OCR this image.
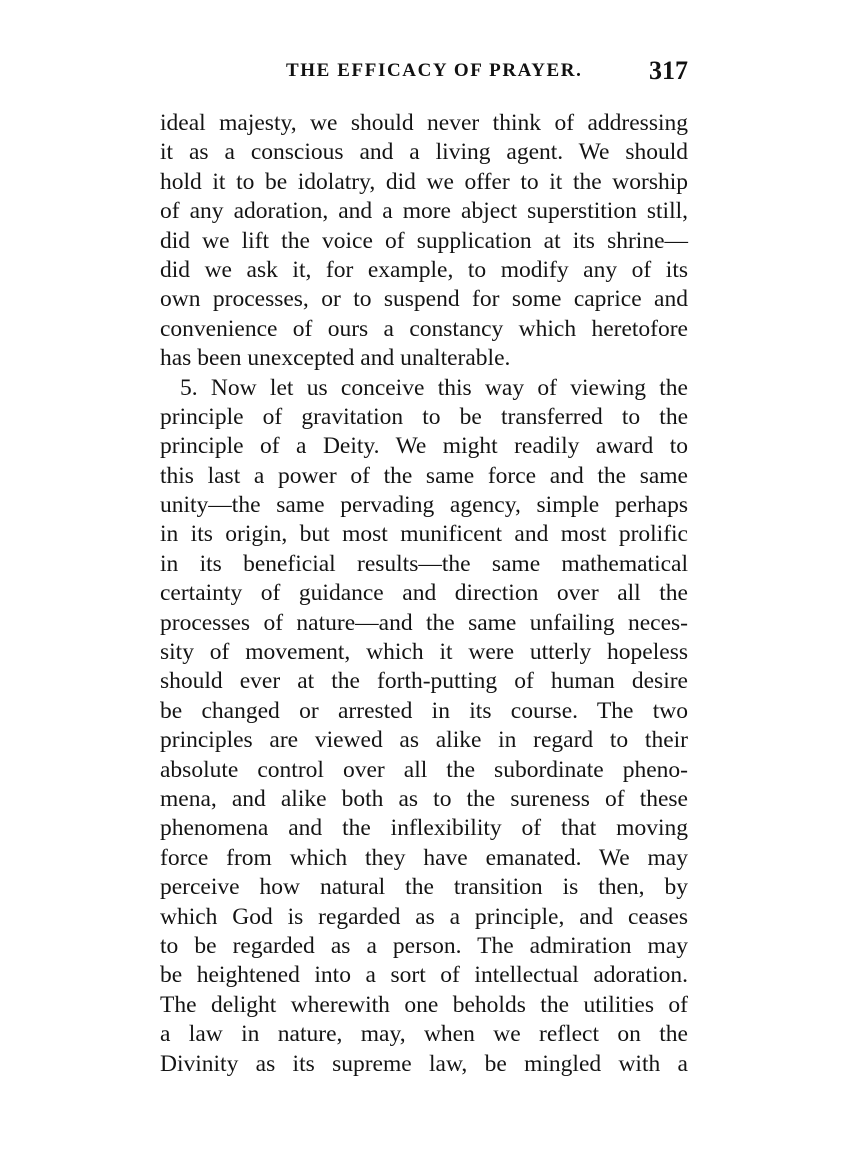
THE EFFICACY OF PRAYER.	317
ideal majesty, we should never think of addressing
it as a conscious and a living agent. We should
hold it to be idolatry, did we offer to it the worship
of any adoration, and a more abject superstition still,
did we lift the voice of supplication at its shrine—
did we ask it, for example, to modify any of its
own processes, or to suspend for some caprice and
convenience of ours a constancy which heretofore
has been unexcepted and unalterable.
5. Now let us conceive this way of viewing the
principle of gravitation to be transferred to the
principle of a Deity. We might readily award to
this last a power of the same force and the same
unity—the same pervading agency, simple perhaps
in its origin, but most munificent and most prolific
in its beneficial results—the same mathematical
certainty of guidance and direction over all the
processes of nature—and the same unfailing neces-
sity of movement, which it were utterly hopeless
should ever at the forth-putting of human desire
be changed or arrested in its course. The two
principles are viewed as alike in regard to their
absolute control over all the subordinate pheno-
mena, and alike both as to the sureness of these
phenomena and the inflexibility of that moving
force from which they have emanated. We may
perceive how natural the transition is then, by
which God is regarded as a principle, and ceases
to be regarded as a person. The admiration may
be heightened into a sort of intellectual adoration.
The delight wherewith one beholds the utilities of
a law in nature, may, when we reflect on the
Divinity as its supreme law, be mingled with a
